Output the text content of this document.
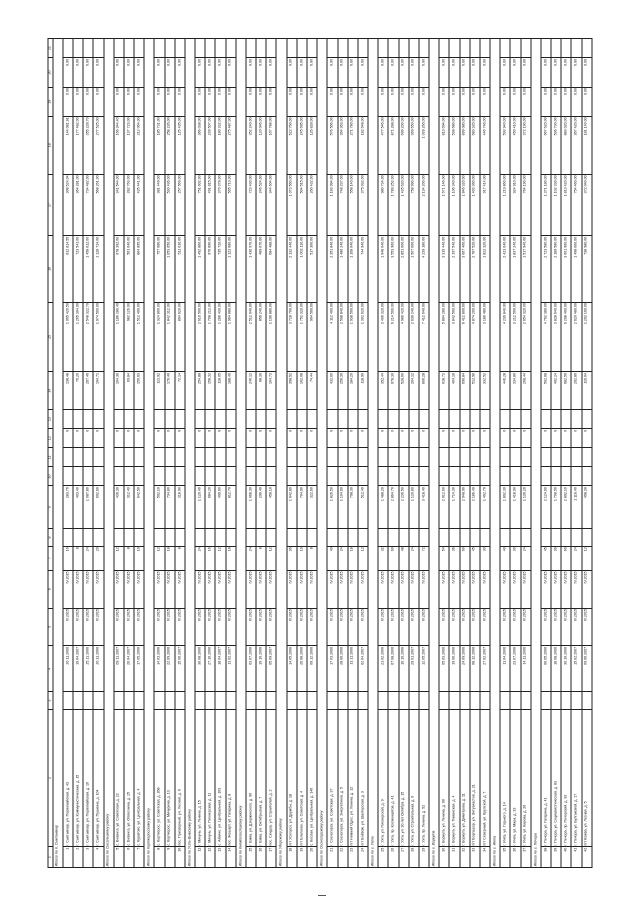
1	2	3	4	5	6	7	8	9	10	11	12	13	14	15	16	17	18	19	20	21
Итого по п. Сыктывкар																				
1	г. Сыктывкар, ул. Первомайская, д. 43		20.11.2006	IV.2015	IV.2015	16		283,70			0		138,48	1 065 420,50	612 814,55	308 524,04	144 081,91	0,00	0,00	
2	г. Сыктывкар, ул. Коммунистическая, д. 15		19.04.2007	IV.2015	IV.2015	8		403,40			0		76,20	1 265 304,00	723 541,00	364 281,00	177 482,00	0,00	0,00	
3	г. Сыктывкар, ул. Первомайская, д. 16		25.11.2006	IV.2015	IV.2015	24		1 087,80			0		267,46	2 548 322,70	1 458 612,00	734 482,00	355 228,70	0,00	0,00	
4	г. Сыктывкар, ул. Пушкина, д. 104		20.11.2006	IV.2015	IV.2015	20		692,60			0		194,71	1 974 500,00	1 128 714,00	568 261,00	277 525,00	0,00	0,00	
Итого по Сысольскому району																				
5	с. Визинга, ул. Советская, д. 22		09.11.2007	IV.2015	IV.2015	12		436,30			0		104,36	1 186 280,40	678 392,00	341 544,00	166 344,40	0,00	0,00	
6	с. Визинга, ул. Оплеснина, д. 15		26.04.2007	IV.2015	IV.2015	8		312,40			0		69,84	982 126,00	561 640,00	282 763,00	137 723,00	0,00	0,00	
7	с. Куратово, ул. Центральная, д. 4		17.05.2006	IV.2015	IV.2015	16		642,50			0		150,63	1 512 400,00	864 895,00	435 441,00	212 064,00	0,00	0,00	
Итого по Корткеросскому району																				
8	с. Корткерос, ул. Советская, д. 268		14.03.2006	IV.2015	IV.2015	12		502,10			0		113,92	1 324 860,00	757 680,00	381 449,00	185 731,00	0,00	0,00	
9	с. Корткерос, ул. Мичурина, д. 13		22.09.2006	IV.2015	IV.2015	18		734,80			0		176,40	1 842 312,00	1 053 650,00	530 436,00	258 226,00	0,00	0,00	
10	пос. Приозерный, ул. Лесная, д. 6		15.06.2007	IV.2015	IV.2015	8		318,90			0		72,14	894 620,00	511 616,00	257 569,00	125 435,00	0,00	0,00	
Итого по Усть-Вымскому району																				
11	г. Микунь, ул. Ленина, д. 15		30.08.2006	IV.2015	IV.2015	24		1 120,40			0		254,88	2 610 500,00	1 492 860,00	751 602,00	366 038,00	0,00	0,00	
12	г. Микунь, ул. Пионерская, д. 11		27.10.2006	IV.2015	IV.2015	16		684,20			0		158,32	1 708 212,00	976 890,00	491 815,00	239 507,00	0,00	0,00	
13	с. Айкино, ул. Центральная, д. 103		18.04.2007	IV.2015	IV.2015	12		496,60			0		118,05	1 286 430,00	735 720,00	370 378,00	180 332,00	0,00	0,00	
14	пос. Жешарт, ул. Гагарина, д. 8		11.02.2007	IV.2015	IV.2015	18		812,70			0		188,46	1 964 880,00	1 123 680,00	565 713,00	275 487,00	0,00	0,00	
Итого по Княжпогостскому району																				
15	г. Емва, ул. Дзержинского, д. 90		03.07.2006	IV.2015	IV.2015	24		1 068,30			0		246,12	2 512 640,00	1 436 970,00	723 430,00	352 240,00	0,00	0,00	
16	г. Емва, ул. Октябрьская, д. 7		19.10.2006	IV.2015	IV.2015	8		296,40			0		68,30	856 240,00	489 670,00	246 524,00	120 046,00	0,00	0,00	
17	пос. Синдор, ул. Строителей, д. 2		05.09.2007	IV.2015	IV.2015	12		458,10			0		104,72	1 196 880,00	684 488,00	344 604,00	167 788,00	0,00	0,00	
Итого по Удорскому району																				
18	пгт Усогорск, ул. Дружбы, д. 18		14.05.2006	IV.2015	IV.2015	36		1 642,80			0		398,52	3 728 760,00	2 132 440,00	1 073 560,00	522 760,00	0,00	0,00	
19	пгт Благоево, ул. Советская, д. 4		26.08.2006	IV.2015	IV.2015	16		704,90			0		162,08	1 752 320,00	1 002 110,00	504 515,00	245 695,00	0,00	0,00	
20	с. Кослан, ул. Центральная, д. 140		09.12.2006	IV.2015	IV.2015	8		322,60			0		74,44	904 560,00	517 300,00	260 432,00	126 828,00	0,00	0,00	
Итого по Сосногорскому району																				
21	г. Сосногорск, ул. Советская, д. 37		17.03.2006	IV.2015	IV.2015	40		1 826,50			0		432,60	4 112 400,00	2 351 840,00	1 183 994,00	576 566,00	0,00	0,00	
22	г. Сосногорск, ул. Энергетиков, д. 5		28.06.2006	IV.2015	IV.2015	24		1 104,60			0		256,36	2 598 840,00	1 486 240,00	748 237,00	364 363,00	0,00	0,00	
23	пгт Нижний Одес, ул. Ленина, д. 12		13.11.2006	IV.2015	IV.2015	18		798,30			0		184,20	1 938 560,00	1 108 640,00	558 140,00	271 780,00	0,00	0,00	
24	пгт Войвож, ул. Шахтерская, д. 3		02.04.2007	IV.2015	IV.2015	12		512,40			0		118,90	1 302 620,00	744 940,00	375 032,00	182 648,00	0,00	0,00	
Итого по г. Ухта																				
25	г. Ухта, ул. Пионерская, д. 9		21.02.2006	IV.2015	IV.2015	32		1 488,20			0		352,44	3 406 320,00	1 948 040,00	980 734,00	477 546,00	0,00	0,00	
26	г. Ухта, пр. Космонавтов, д. 41		07.08.2006	IV.2015	IV.2015	60		2 864,70			0		678,30	6 214 500,00	3 553 960,00	1 789 252,00	871 288,00	0,00	0,00	
27	г. Ухта, ул. 30 лет Октября, д. 15		16.10.2006	IV.2015	IV.2015	48		2 236,50			0		528,60	4 986 420,00	2 851 600,00	1 435 620,00	699 200,00	0,00	0,00	
28	г. Ухта, ул. Строительная, д. 6		29.01.2007	IV.2015	IV.2015	24		1 126,80			0		264,12	2 636 240,00	1 507 600,00	758 990,00	369 650,00	0,00	0,00	
29	г. Ухта, пр. Ленина, д. 52		12.05.2007	IV.2015	IV.2015	72		3 418,40			0		806,28	7 412 640,00	4 239 180,00	2 134 200,00	1 039 260,00	0,00	0,00	
Итого по г. Воркута																				
30	г. Воркута, ул. Ленина, д. 60		05.03.2006	IV.2015	IV.2015	54		2 612,60			0		618,72	5 804 280,00	3 319 440,00	1 671 146,00	813 694,00	0,00	0,00	
31	г. Воркута, ул. Тиманская, д. 4		19.06.2006	IV.2015	IV.2015	36		1 714,30			0		404,16	3 842 560,00	2 197 540,00	1 106 340,00	538 680,00	0,00	0,00	
32	г. Воркута, ул. Димитрова, д. 11		24.09.2006	IV.2015	IV.2015	60		2 948,90			0		696,84	6 412 800,00	3 667 400,00	1 846 320,00	899 080,00	0,00	0,00	
33	пгт Воргашор, ул. Энтузиастов, д. 21		08.12.2006	IV.2015	IV.2015	45		2 186,40			0		512,90	4 874 200,00	2 787 520,00	1 403 360,00	683 320,00	0,00	0,00	
34	пгт Северный, ул. Крупской, д. 7		27.02.2007	IV.2015	IV.2015	30		1 402,70			0		332,52	3 186 480,00	1 822 320,00	917 414,00	446 746,00	0,00	0,00	
Итого по г. Инта																				
35	г. Инта, ул. Горького, д. 14		11.04.2006	IV.2015	IV.2015	40		1 892,30			0		446,28	4 236 840,00	2 423 040,00	1 219 860,00	593 940,00	0,00	0,00	
36	г. Инта, ул. Мира, д. 33		23.07.2006	IV.2015	IV.2015	30		1 418,90			0		334,80	3 212 560,00	1 837 240,00	924 910,00	450 410,00	0,00	0,00	
37	г. Инта, ул. Кирова, д. 26		14.11.2006	IV.2015	IV.2015	24		1 136,20			0		268,44	2 654 320,00	1 517 940,00	764 190,00	372 190,00	0,00	0,00	
Итого по г. Печора																				
38	г. Печора, ул. Гагарина, д. 41		06.05.2006	IV.2015	IV.2015	45		2 124,60			0		502,68	4 762 380,00	2 723 580,00	1 371 180,00	667 620,00	0,00	0,00	
39	г. Печора, ул. Социалистическая, д. 83		18.08.2006	IV.2015	IV.2015	36		1 708,50			0		402,24	3 828 640,00	2 189 580,00	1 102 330,00	536 730,00	0,00	0,00	
40	г. Печора, пр. Печорский, д. 92		30.10.2006	IV.2015	IV.2015	60		2 892,10			0		682,56	6 298 400,00	3 601 960,00	1 813 420,00	883 020,00	0,00	0,00	
41	г. Печора, ул. Булгаковой, д. 17		15.02.2007	IV.2015	IV.2015	24		1 116,40			0		262,80	2 620 480,00	1 498 600,00	754 460,00	367 420,00	0,00	0,00	
42	пгт Кожва, ул. Лесная, д. 5		09.06.2007	IV.2015	IV.2015	12		498,30			0		116,64	1 292 160,00	738 980,00	372 040,00	181 140,00	0,00	0,00	
